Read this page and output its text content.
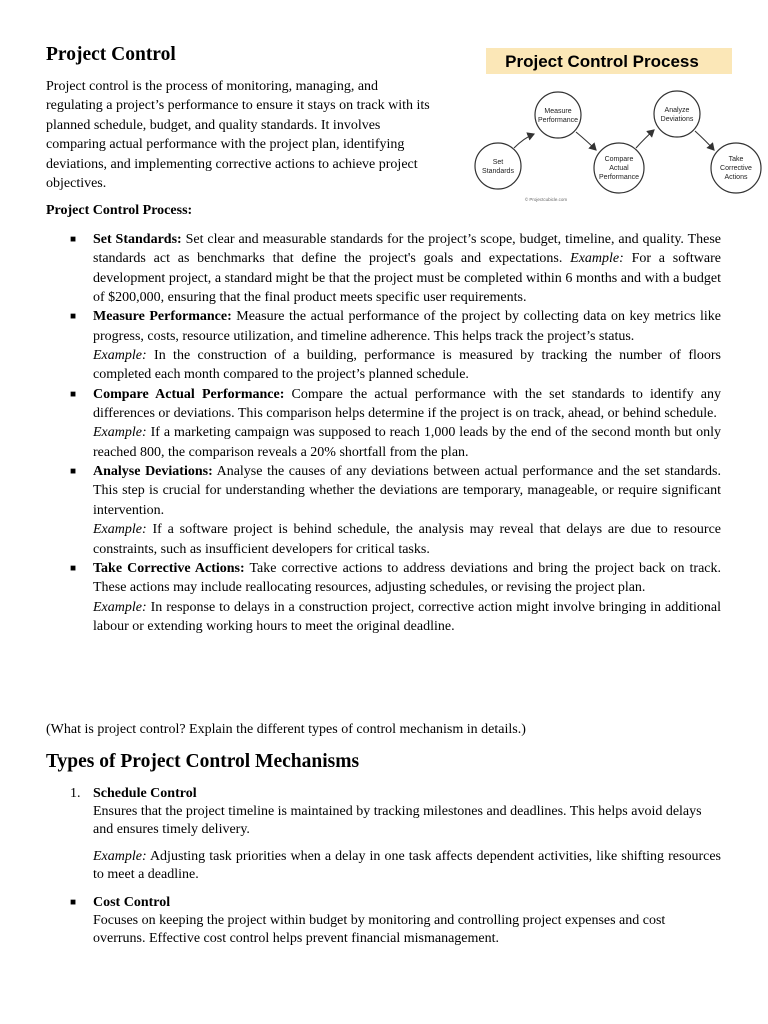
Project Control

Project control is the process of monitoring, managing, and regulating a project’s performance to ensure it stays on track with its planned schedule, budget, and quality standards. It involves comparing actual performance with the project plan, identifying deviations, and implementing corrective actions to achieve project objectives.

Project Control Process
Set
Standards
Measure
Performance
Compare
Actual
Performance
Analyze
Deviations
Take
Corrective
Actions
© Projectcubicle.com

Project Control Process:

■ Set Standards: Set clear and measurable standards for the project’s scope, budget, timeline, and quality. These standards act as benchmarks that define the project's goals and expectations. Example: For a software development project, a standard might be that the project must be completed within 6 months and with a budget of $200,000, ensuring that the final product meets specific user requirements.

■ Measure Performance: Measure the actual performance of the project by collecting data on key metrics like progress, costs, resource utilization, and timeline adherence. This helps track the project’s status.

Example: In the construction of a building, performance is measured by tracking the number of floors completed each month compared to the project’s planned schedule.

■ Compare Actual Performance: Compare the actual performance with the set standards to identify any differences or deviations. This comparison helps determine if the project is on track, ahead, or behind schedule.

Example: If a marketing campaign was supposed to reach 1,000 leads by the end of the second month but only reached 800, the comparison reveals a 20% shortfall from the plan.

■ Analyse Deviations: Analyse the causes of any deviations between actual performance and the set standards. This step is crucial for understanding whether the deviations are temporary, manageable, or require significant intervention.

Example: If a software project is behind schedule, the analysis may reveal that delays are due to resource constraints, such as insufficient developers for critical tasks.

■ Take Corrective Actions: Take corrective actions to address deviations and bring the project back on track. These actions may include reallocating resources, adjusting schedules, or revising the project plan.

Example: In response to delays in a construction project, corrective action might involve bringing in additional labour or extending working hours to meet the original deadline.

(What is project control? Explain the different types of control mechanism in details.)

Types of Project Control Mechanisms
1. Schedule Control
Ensures that the project timeline is maintained by tracking milestones and deadlines. This helps avoid delays and ensures timely delivery.
Example: Adjusting task priorities when a delay in one task affects dependent activities, like shifting resources to meet a deadline.
■ Cost Control
Focuses on keeping the project within budget by monitoring and controlling project expenses and cost overruns. Effective cost control helps prevent financial mismanagement.
